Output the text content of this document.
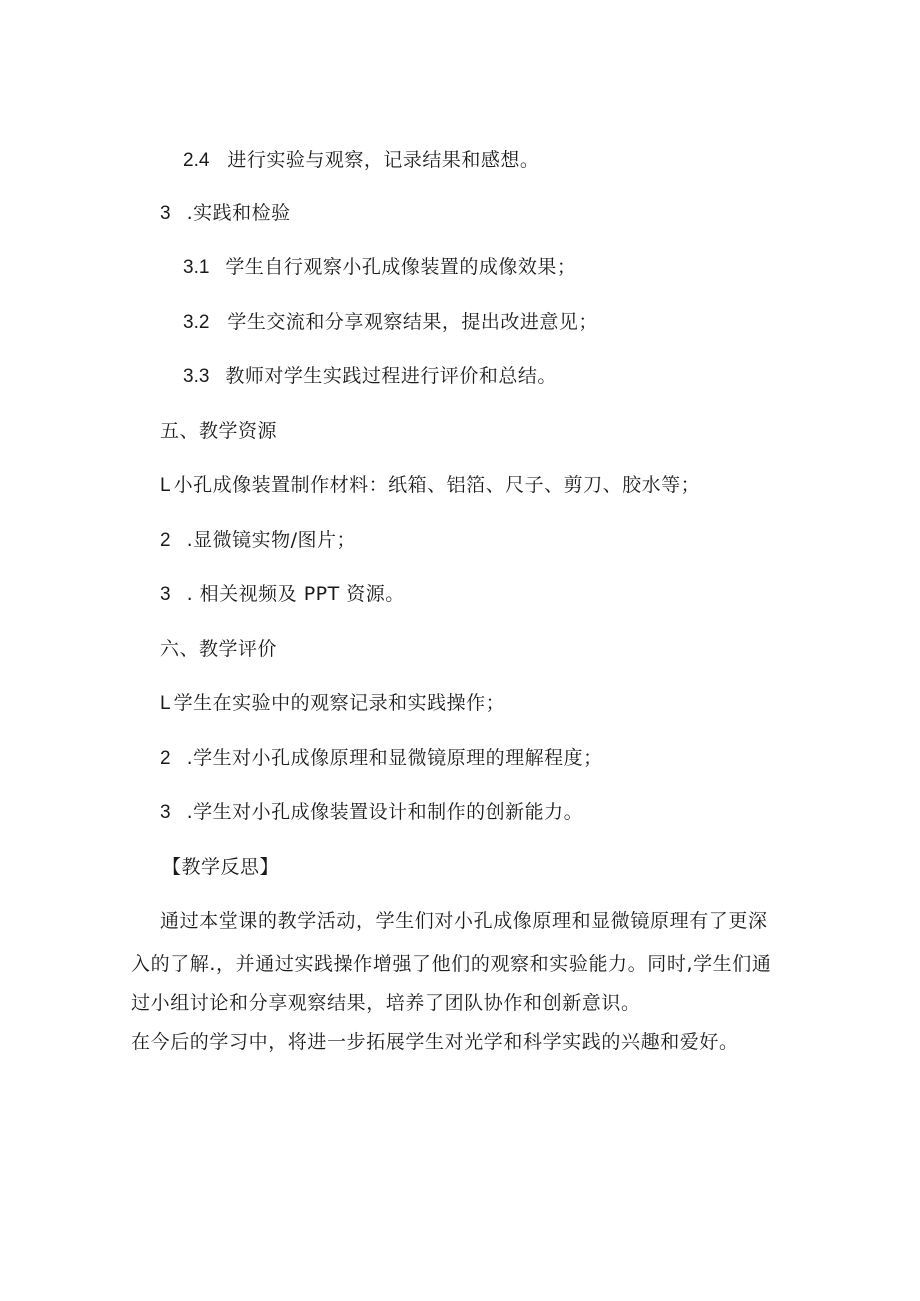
2.4 进行实验与观察，记录结果和感想。
3 .实践和检验
3.1 学生自行观察小孔成像装置的成像效果；
3.2 学生交流和分享观察结果，提出改进意见；
3.3 教师对学生实践过程进行评价和总结。
五、教学资源
L 小孔成像装置制作材料：纸箱、铝箔、尺子、剪刀、胶水等；
2 .显微镜实物/图片；
3 . 相关视频及 PPT 资源。
六、教学评价
L 学生在实验中的观察记录和实践操作；
2 .学生对小孔成像原理和显微镜原理的理解程度；
3 .学生对小孔成像装置设计和制作的创新能力。
【教学反思】
通过本堂课的教学活动，学生们对小孔成像原理和显微镜原理有了更深
入的了解.，并通过实践操作增强了他们的观察和实验能力。同时,学生们通
过小组讨论和分享观察结果，培养了团队协作和创新意识。
在今后的学习中，将进一步拓展学生对光学和科学实践的兴趣和爱好。
